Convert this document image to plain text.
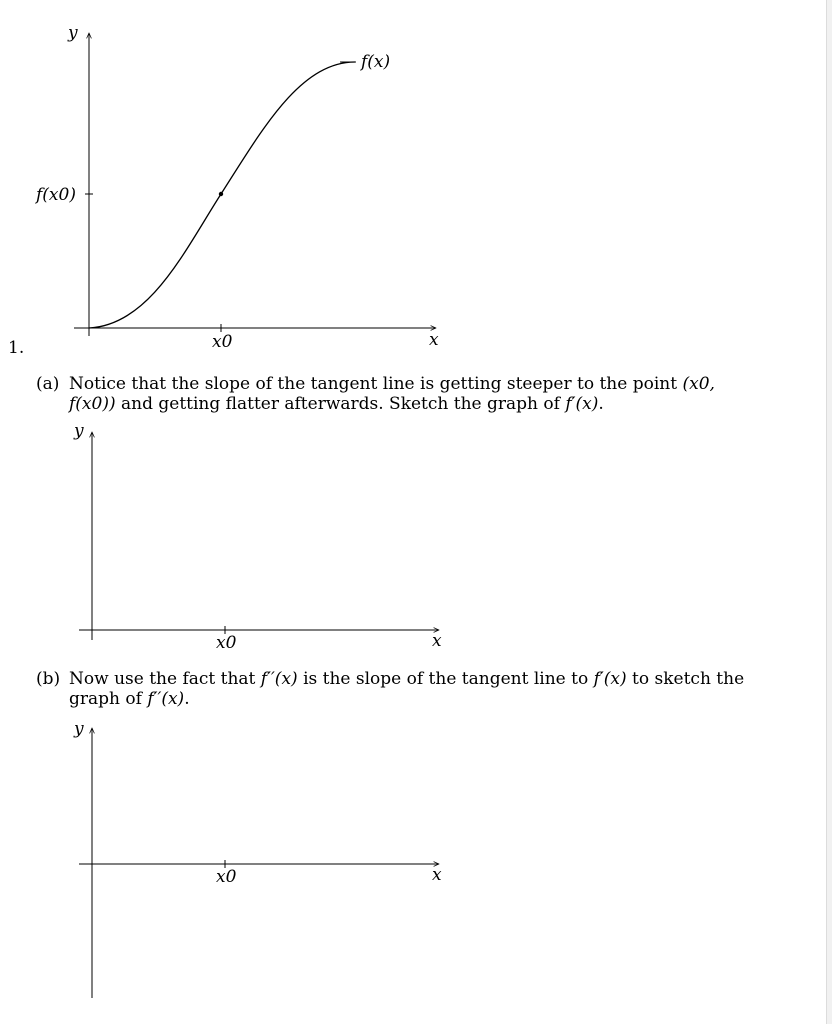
y
x
x0
f(x0)
f(x)
1.
(a) Notice that the slope of the tangent line is getting steeper to the point (x0, f(x0)) and getting flatter afterwards. Sketch the graph of f′(x).
y
x
x0
(b) Now use the fact that f′′(x) is the slope of the tangent line to f′(x) to sketch the graph of f′′(x).
y
x
x0
